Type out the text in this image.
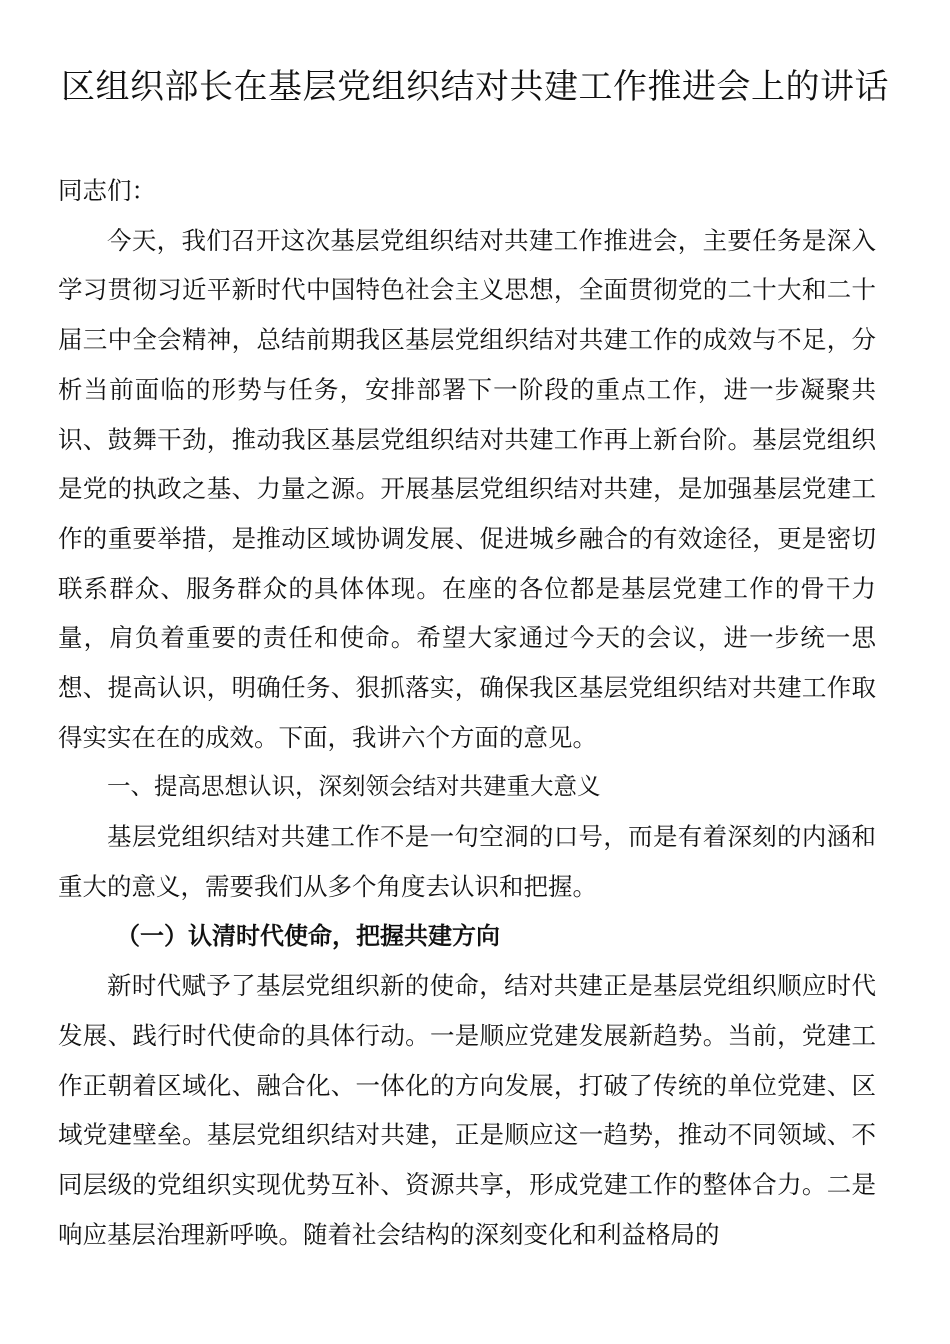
区组织部长在基层党组织结对共建工作推进会上的讲话

同志们：

今天，我们召开这次基层党组织结对共建工作推进会，主要任务是深入学习贯彻习近平新时代中国特色社会主义思想，全面贯彻党的二十大和二十届三中全会精神，总结前期我区基层党组织结对共建工作的成效与不足，分析当前面临的形势与任务，安排部署下一阶段的重点工作，进一步凝聚共识、鼓舞干劲，推动我区基层党组织结对共建工作再上新台阶。基层党组织是党的执政之基、力量之源。开展基层党组织结对共建，是加强基层党建工作的重要举措，是推动区域协调发展、促进城乡融合的有效途径，更是密切联系群众、服务群众的具体体现。在座的各位都是基层党建工作的骨干力量，肩负着重要的责任和使命。希望大家通过今天的会议，进一步统一思想、提高认识，明确任务、狠抓落实，确保我区基层党组织结对共建工作取得实实在在的成效。下面，我讲六个方面的意见。

一、提高思想认识，深刻领会结对共建重大意义

基层党组织结对共建工作不是一句空洞的口号，而是有着深刻的内涵和重大的意义，需要我们从多个角度去认识和把握。

（一）认清时代使命，把握共建方向

新时代赋予了基层党组织新的使命，结对共建正是基层党组织顺应时代发展、践行时代使命的具体行动。一是顺应党建发展新趋势。当前，党建工作正朝着区域化、融合化、一体化的方向发展，打破了传统的单位党建、区域党建壁垒。基层党组织结对共建，正是顺应这一趋势，推动不同领域、不同层级的党组织实现优势互补、资源共享，形成党建工作的整体合力。二是响应基层治理新呼唤。随着社会结构的深刻变化和利益格局的
